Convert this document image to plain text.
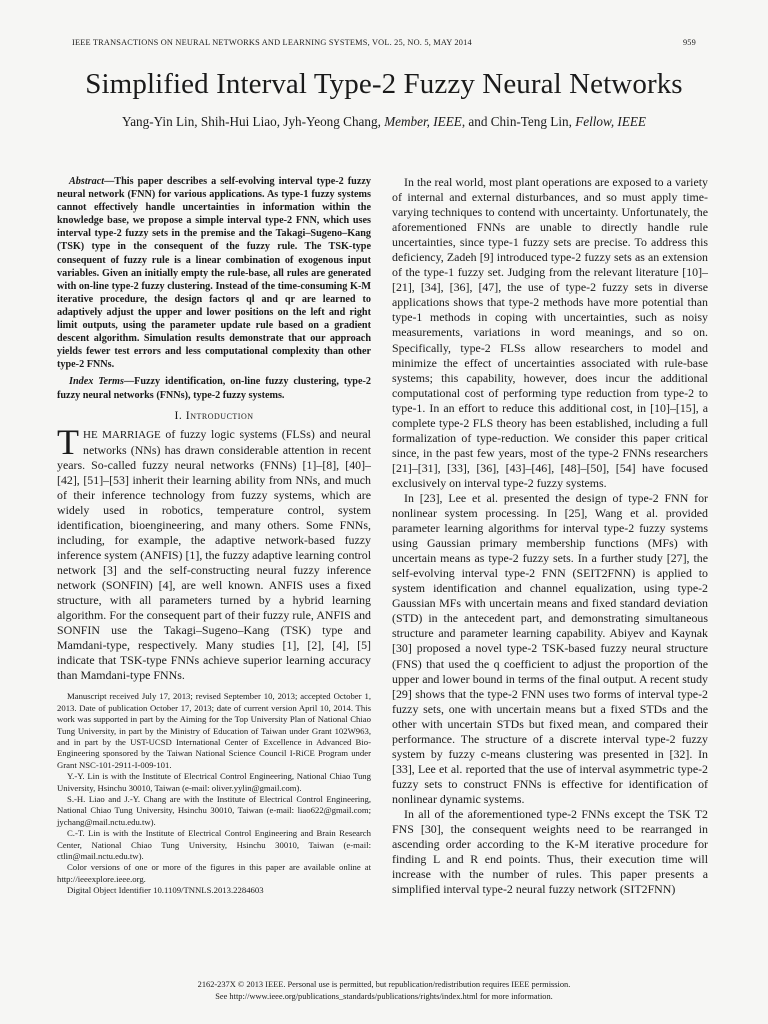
IEEE TRANSACTIONS ON NEURAL NETWORKS AND LEARNING SYSTEMS, VOL. 25, NO. 5, MAY 2014	959
Simplified Interval Type-2 Fuzzy Neural Networks
Yang-Yin Lin, Shih-Hui Liao, Jyh-Yeong Chang, Member, IEEE, and Chin-Teng Lin, Fellow, IEEE

Abstract—This paper describes a self-evolving interval type-2 fuzzy neural network (FNN) for various applications. As type-1 fuzzy systems cannot effectively handle uncertainties in information within the knowledge base, we propose a simple interval type-2 FNN, which uses interval type-2 fuzzy sets in the premise and the Takagi–Sugeno–Kang (TSK) type in the consequent of the fuzzy rule. The TSK-type consequent of fuzzy rule is a linear combination of exogenous input variables. Given an initially empty the rule-base, all rules are generated with on-line type-2 fuzzy clustering. Instead of the time-consuming K-M iterative procedure, the design factors ql and qr are learned to adaptively adjust the upper and lower positions on the left and right limit outputs, using the parameter update rule based on a gradient descent algorithm. Simulation results demonstrate that our approach yields fewer test errors and less computational complexity than other type-2 FNNs.

Index Terms—Fuzzy identification, on-line fuzzy clustering, type-2 fuzzy neural networks (FNNs), type-2 fuzzy systems.

I. Introduction

THE MARRIAGE of fuzzy logic systems (FLSs) and neural networks (NNs) has drawn considerable attention in recent years. So-called fuzzy neural networks (FNNs) [1]–[8], [40]–[42], [51]–[53] inherit their learning ability from NNs, and much of their inference technology from fuzzy systems, which are widely used in robotics, temperature control, system identification, bioengineering, and many others. Some FNNs, including, for example, the adaptive network-based fuzzy inference system (ANFIS) [1], the fuzzy adaptive learning control network [3] and the self-constructing neural fuzzy inference network (SONFIN) [4], are well known. ANFIS uses a fixed structure, with all parameters turned by a hybrid learning algorithm. For the consequent part of their fuzzy rule, ANFIS and SONFIN use the Takagi–Sugeno–Kang (TSK) type and Mamdani-type, respectively. Many studies [1], [2], [4], [5] indicate that TSK-type FNNs achieve superior learning accuracy than Mamdani-type FNNs.

Manuscript received July 17, 2013; revised September 10, 2013; accepted October 1, 2013. Date of publication October 17, 2013; date of current version April 10, 2014. This work was supported in part by the Aiming for the Top University Plan of National Chiao Tung University, in part by the Ministry of Education of Taiwan under Grant 102W963, and in part by the UST-UCSD International Center of Excellence in Advanced Bio-Engineering sponsored by the Taiwan National Science Council I-RiCE Program under Grant NSC-101-2911-I-009-101.

Y.-Y. Lin is with the Institute of Electrical Control Engineering, National Chiao Tung University, Hsinchu 30010, Taiwan (e-mail: oliver.yylin@gmail.com).

S.-H. Liao and J.-Y. Chang are with the Institute of Electrical Control Engineering, National Chiao Tung University, Hsinchu 30010, Taiwan (e-mail: liao622@gmail.com; jychang@mail.nctu.edu.tw).

C.-T. Lin is with the Institute of Electrical Control Engineering and Brain Research Center, National Chiao Tung University, Hsinchu 30010, Taiwan (e-mail: ctlin@mail.nctu.edu.tw).

Color versions of one or more of the figures in this paper are available online at http://ieeexplore.ieee.org.

Digital Object Identifier 10.1109/TNNLS.2013.2284603

In the real world, most plant operations are exposed to a variety of internal and external disturbances, and so must apply time-varying techniques to contend with uncertainty. Unfortunately, the aforementioned FNNs are unable to directly handle rule uncertainties, since type-1 fuzzy sets are precise. To address this deficiency, Zadeh [9] introduced type-2 fuzzy sets as an extension of the type-1 fuzzy set. Judging from the relevant literature [10]–[21], [34], [36], [47], the use of type-2 fuzzy sets in diverse applications shows that type-2 methods have more potential than type-1 methods in coping with uncertainties, such as noisy measurements, variations in word meanings, and so on. Specifically, type-2 FLSs allow researchers to model and minimize the effect of uncertainties associated with rule-base systems; this capability, however, does incur the additional computational cost of performing type reduction from type-2 to type-1. In an effort to reduce this additional cost, in [10]–[15], a complete type-2 FLS theory has been established, including a full formalization of type-reduction. We consider this paper critical since, in the past few years, most of the type-2 FNNs researchers [21]–[31], [33], [36], [43]–[46], [48]–[50], [54] have focused exclusively on interval type-2 fuzzy systems.

In [23], Lee et al. presented the design of type-2 FNN for nonlinear system processing. In [25], Wang et al. provided parameter learning algorithms for interval type-2 fuzzy systems using Gaussian primary membership functions (MFs) with uncertain means as type-2 fuzzy sets. In a further study [27], the self-evolving interval type-2 FNN (SEIT2FNN) is applied to system identification and channel equalization, using type-2 Gaussian MFs with uncertain means and fixed standard deviation (STD) in the antecedent part, and demonstrating simultaneous structure and parameter learning capability. Abiyev and Kaynak [30] proposed a novel type-2 TSK-based fuzzy neural structure (FNS) that used the q coefficient to adjust the proportion of the upper and lower bound in terms of the final output. A recent study [29] shows that the type-2 FNN uses two forms of interval type-2 fuzzy sets, one with uncertain means but a fixed STDs and the other with uncertain STDs but fixed mean, and compared their performance. The structure of a discrete interval type-2 fuzzy system by fuzzy c-means clustering was presented in [32]. In [33], Lee et al. reported that the use of interval asymmetric type-2 fuzzy sets to construct FNNs is effective for identification of nonlinear dynamic systems.

In all of the aforementioned type-2 FNNs except the TSK T2 FNS [30], the consequent weights need to be rearranged in ascending order according to the K-M iterative procedure for finding L and R end points. Thus, their execution time will increase with the number of rules. This paper presents a simplified interval type-2 neural fuzzy network (SIT2FNN)

2162-237X © 2013 IEEE. Personal use is permitted, but republication/redistribution requires IEEE permission.
See http://www.ieee.org/publications_standards/publications/rights/index.html for more information.
